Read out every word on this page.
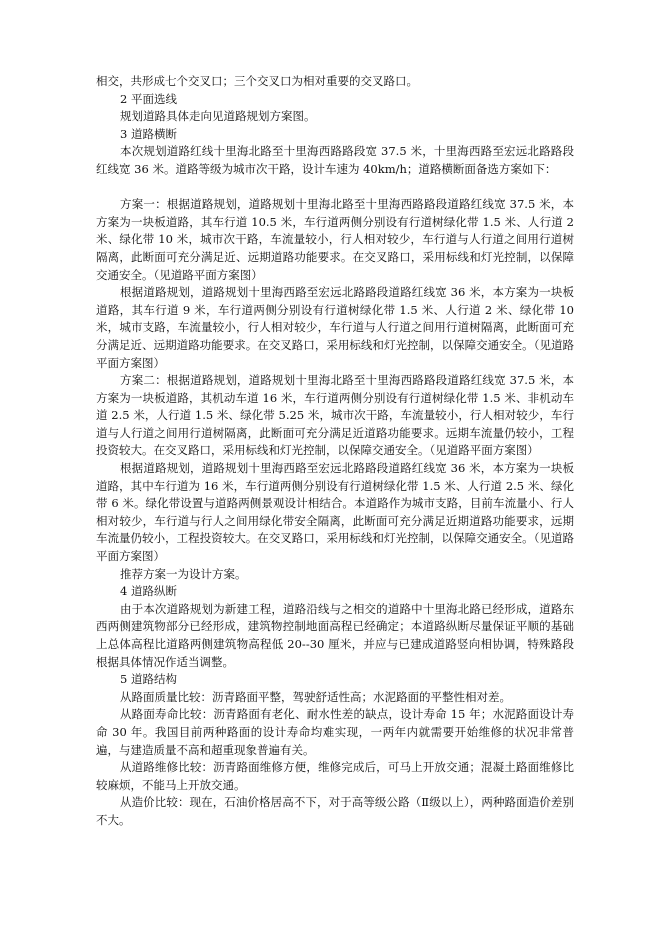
相交，共形成七个交叉口；三个交叉口为相对重要的交叉路口。

2 平面选线

规划道路具体走向见道路规划方案图。

3 道路横断

本次规划道路红线十里海北路至十里海西路路段宽 37.5 米，十里海西路至宏远北路路段红线宽 36 米。道路等级为城市次干路，设计车速为 40km/h；道路横断面备选方案如下：

方案一：根据道路规划，道路规划十里海北路至十里海西路路段道路红线宽 37.5 米，本方案为一块板道路，其车行道 10.5 米，车行道两侧分别设有行道树绿化带 1.5 米、人行道 2 米、绿化带 10 米，城市次干路，车流量较小，行人相对较少，车行道与人行道之间用行道树隔离，此断面可充分满足近、远期道路功能要求。在交叉路口，采用标线和灯光控制，以保障交通安全。（见道路平面方案图）

根据道路规划，道路规划十里海西路至宏远北路路段道路红线宽 36 米，本方案为一块板道路，其车行道 9 米，车行道两侧分别设有行道树绿化带 1.5 米、人行道 2 米、绿化带 10 米，城市支路，车流量较小，行人相对较少，车行道与人行道之间用行道树隔离，此断面可充分满足近、远期道路功能要求。在交叉路口，采用标线和灯光控制，以保障交通安全。（见道路平面方案图）

方案二：根据道路规划，道路规划十里海北路至十里海西路路段道路红线宽 37.5 米，本方案为一块板道路，其机动车道 16 米，车行道两侧分别设有行道树绿化带 1.5 米、非机动车道 2.5 米，人行道 1.5 米、绿化带 5.25 米，城市次干路，车流量较小，行人相对较少，车行道与人行道之间用行道树隔离，此断面可充分满足近道路功能要求。远期车流量仍较小，工程投资较大。在交叉路口，采用标线和灯光控制，以保障交通安全。（见道路平面方案图）

根据道路规划，道路规划十里海西路至宏远北路路段道路红线宽 36 米，本方案为一块板道路，其中车行道为 16 米，车行道两侧分别设有行道树绿化带 1.5 米、人行道 2.5 米、绿化带 6 米。绿化带设置与道路两侧景观设计相结合。本道路作为城市支路，目前车流量小、行人相对较少，车行道与行人之间用绿化带安全隔离，此断面可充分满足近期道路功能要求，远期车流量仍较小，工程投资较大。在交叉路口，采用标线和灯光控制，以保障交通安全。（见道路平面方案图）

推荐方案一为设计方案。

4 道路纵断

由于本次道路规划为新建工程，道路沿线与之相交的道路中十里海北路已经形成，道路东西两侧建筑物部分已经形成，建筑物控制地面高程已经确定；本道路纵断尽量保证平顺的基础上总体高程比道路两侧建筑物高程低 20--30 厘米，并应与已建成道路竖向相协调，特殊路段根据具体情况作适当调整。

5 道路结构

从路面质量比较：沥青路面平整，驾驶舒适性高；水泥路面的平整性相对差。

从路面寿命比较：沥青路面有老化、耐水性差的缺点，设计寿命 15 年；水泥路面设计寿命 30 年。我国目前两种路面的设计寿命均难实现，一两年内就需要开始维修的状况非常普遍，与建造质量不高和超重现象普遍有关。

从道路维修比较：沥青路面维修方便，维修完成后，可马上开放交通；混凝土路面维修比较麻烦，不能马上开放交通。

从造价比较：现在，石油价格居高不下，对于高等级公路（Ⅱ级以上），两种路面造价差别不大。
